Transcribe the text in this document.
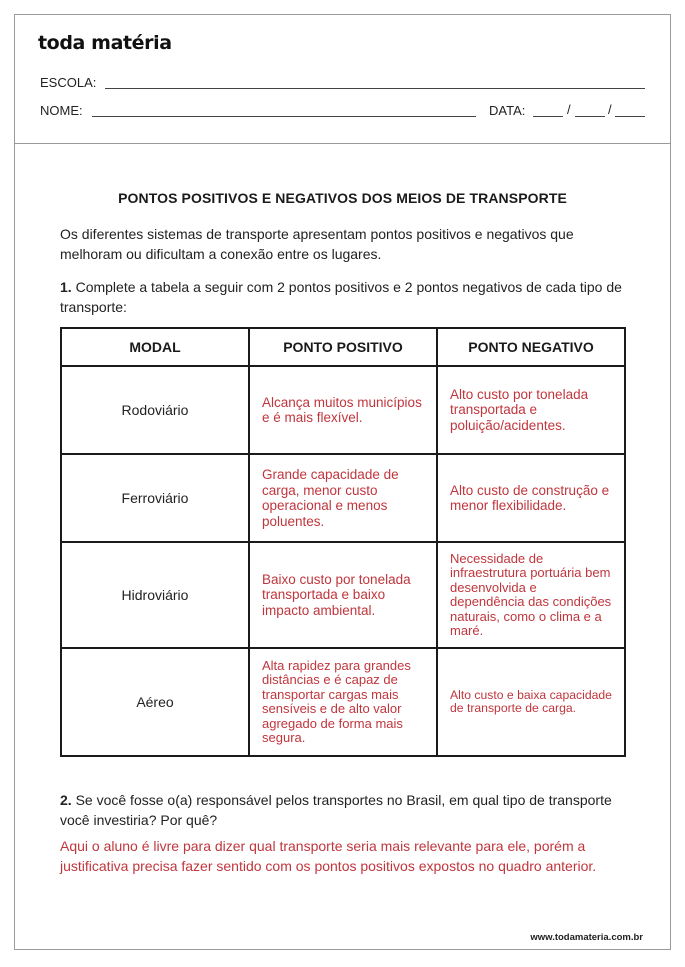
toda matéria
ESCOLA:
NOME:	DATA:	/	/
PONTOS POSITIVOS E NEGATIVOS DOS MEIOS DE TRANSPORTE
Os diferentes sistemas de transporte apresentam pontos positivos e negativos que melhoram ou dificultam a conexão entre os lugares.
1. Complete a tabela a seguir com 2 pontos positivos e 2 pontos negativos de cada tipo de transporte:
MODAL	PONTO POSITIVO	PONTO NEGATIVO
Rodoviário	Alcança muitos municípios e é mais flexível.	Alto custo por tonelada transportada e poluição/acidentes.
Ferroviário	Grande capacidade de carga, menor custo operacional e menos poluentes.	Alto custo de construção e menor flexibilidade.
Hidroviário	Baixo custo por tonelada transportada e baixo impacto ambiental.	Necessidade de infraestrutura portuária bem desenvolvida e dependência das condições naturais, como o clima e a maré.
Aéreo	Alta rapidez para grandes distâncias e é capaz de transportar cargas mais sensíveis e de alto valor agregado de forma mais segura.	Alto custo e baixa capacidade de transporte de carga.
2. Se você fosse o(a) responsável pelos transportes no Brasil, em qual tipo de transporte você investiria? Por quê?
Aqui o aluno é livre para dizer qual transporte seria mais relevante para ele, porém a justificativa precisa fazer sentido com os pontos positivos expostos no quadro anterior.
www.todamateria.com.br
